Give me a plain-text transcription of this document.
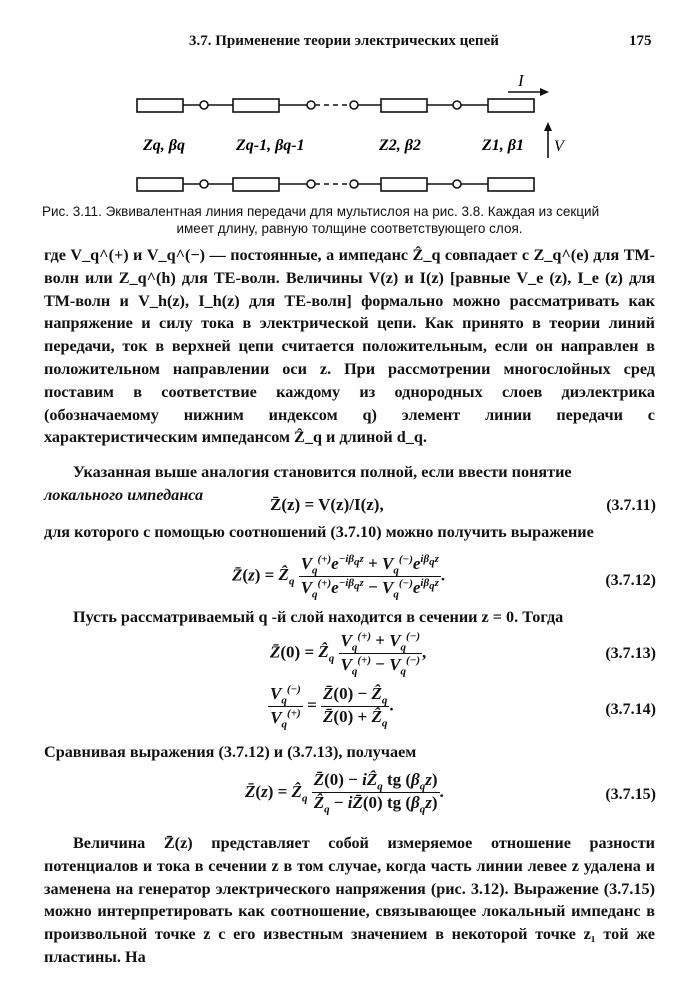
3.7. Применение теории электрических цепей	175
I
V
Zq, βq	Zq-1, βq-1	Z2, β2	Z1, β1
Рис. 3.11. Эквивалентная линия передачи для мультислоя на рис. 3.8. Каждая из секций
имеет длину, равную толщине соответствующего слоя.

где V_q^(+) и V_q^(−) — постоянные, а импеданс Ẑ_q совпадает с Z_q^(e) для ТМ-волн или Z_q^(h) для ТЕ-волн. Величины V(z) и I(z) [равные V_e (z), I_e (z) для ТМ-волн и V_h(z), I_h(z) для ТЕ-волн] формально можно рассматривать как напряжение и силу тока в электрической цепи. Как принято в теории линий передачи, ток в верхней цепи считается положительным, если он направлен в положительном направлении оси z. При рассмотрении многослойных сред поставим в соответствие каждому из однородных слоев диэлектрика (обозначаемому нижним индексом q) элемент линии передачи с характеристическим импедансом Ẑ_q и длиной d_q.

Указанная выше аналогия становится полной, если ввести понятие

локального импеданса	Z̄(z) = V(z)/I(z),	(3.7.11)

для которого с помощью соотношений (3.7.10) можно получить выражение

Z̄(z) = Ẑ$_q$ $\frac{V_q^{(+)}e^{-i\beta_qz} + V_q^{(-)}e^{i\beta_qz}}{V_q^{(+)}e^{-i\beta_qz} - V_q^{(-)}e^{i\beta_qz}}$ .	(3.7.12)

Пусть рассматриваемый q -й слой находится в сечении z = 0. Тогда

Z̄(0) = Ẑ$_q$ $\frac{V_q^{(+)} + V_q^{(-)}}{V_q^{(+)} - V_q^{(-)}}$ ,	(3.7.13)
$\frac{V_q^{(-)}}{V_q^{(+)}} = \frac{Z̄(0) - Ẑ_q}{Z̄(0) + Ẑ_q}$ .	(3.7.14)

Сравнивая выражения (3.7.12) и (3.7.13), получаем

Z̄(z) = Ẑ$_q$ $\frac{Z̄(0) - iẐ_q tg (\beta_qz)}{Ẑ_q - iZ̄(0) tg (\beta_qz)}$ .	(3.7.15)

Величина Z̄(z) представляет собой измеряемое отношение разности потенциалов и тока в сечении z в том случае, когда часть линии левее z удалена и заменена на генератор электрического напряжения (рис. 3.12). Выражение (3.7.15) можно интерпретировать как соотношение, связывающее локальный импеданс в произвольной точке z с его известным значением в некоторой точке z₁ той же пластины. На
